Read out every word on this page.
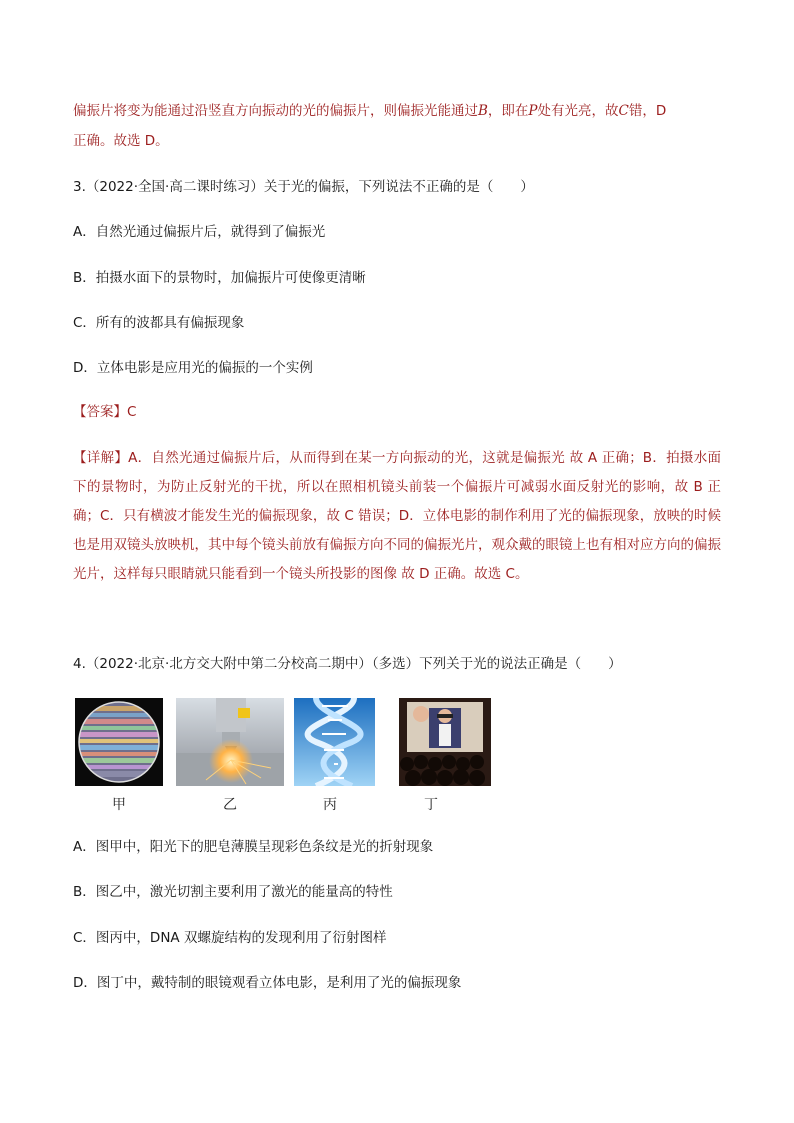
偏振片将变为能通过沿竖直方向振动的光的偏振片，则偏振光能通过B，即在P处有光亮，故C错，D
正确。故选 D。
3.（2022·全国·高二课时练习）关于光的偏振，下列说法不正确的是（　　）
A．自然光通过偏振片后，就得到了偏振光
B．拍摄水面下的景物时，加偏振片可使像更清晰
C．所有的波都具有偏振现象
D．立体电影是应用光的偏振的一个实例
【答案】C
【详解】A．自然光通过偏振片后，从而得到在某一方向振动的光，这就是偏振光 故 A 正确；B．拍摄水面下的景物时，为防止反射光的干扰，所以在照相机镜头前装一个偏振片可减弱水面反射光的影响，故 B 正确；C．只有横波才能发生光的偏振现象，故 C 错误；D．立体电影的制作利用了光的偏振现象，放映的时候也是用双镜头放映机，其中每个镜头前放有偏振方向不同的偏振光片，观众戴的眼镜上也有相对应方向的偏振光片，这样每只眼睛就只能看到一个镜头所投影的图像 故 D 正确。故选 C。
4.（2022·北京·北方交大附中第二分校高二期中）（多选）下列关于光的说法正确是（　　）
甲	乙	丙	丁
A．图甲中，阳光下的肥皂薄膜呈现彩色条纹是光的折射现象
B．图乙中，激光切割主要利用了激光的能量高的特性
C．图丙中，DNA 双螺旋结构的发现利用了衍射图样
D．图丁中，戴特制的眼镜观看立体电影，是利用了光的偏振现象
